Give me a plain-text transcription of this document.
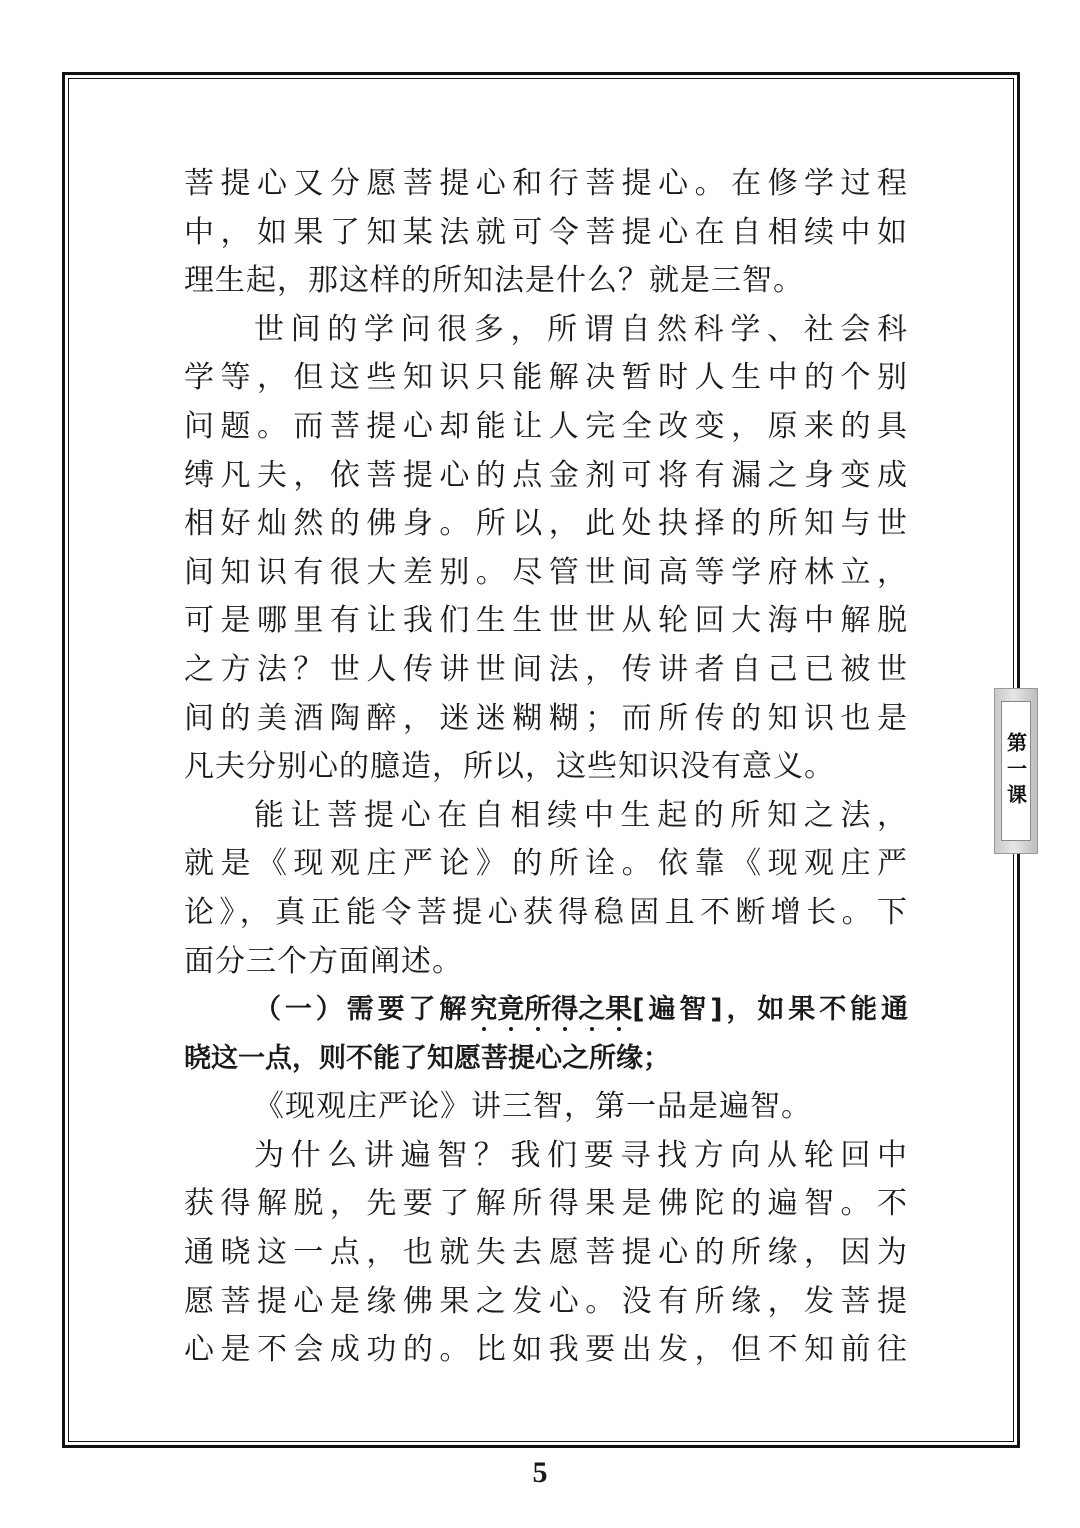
菩提心又分愿菩提心和行菩提心。在修学过程
中，如果了知某法就可令菩提心在自相续中如
理生起，那这样的所知法是什么？就是三智。
世间的学问很多，所谓自然科学、社会科
学等，但这些知识只能解决暂时人生中的个别
问题。而菩提心却能让人完全改变，原来的具
缚凡夫，依菩提心的点金剂可将有漏之身变成
相好灿然的佛身。所以，此处抉择的所知与世
间知识有很大差别。尽管世间高等学府林立，
可是哪里有让我们生生世世从轮回大海中解脱
之方法？世人传讲世间法，传讲者自己已被世
间的美酒陶醉，迷迷糊糊；而所传的知识也是
凡夫分别心的臆造，所以，这些知识没有意义。
能让菩提心在自相续中生起的所知之法，
就是《现观庄严论》的所诠。依靠《现观庄严
论》，真正能令菩提心获得稳固且不断增长。下
面分三个方面阐述。
（一）需要了解究竟所得之果[遍智]，如果不能通
晓这一点，则不能了知愿菩提心之所缘；
《现观庄严论》讲三智，第一品是遍智。
为什么讲遍智？我们要寻找方向从轮回中
获得解脱，先要了解所得果是佛陀的遍智。不
通晓这一点，也就失去愿菩提心的所缘，因为
愿菩提心是缘佛果之发心。没有所缘，发菩提
心是不会成功的。比如我要出发，但不知前往
第一课
5
